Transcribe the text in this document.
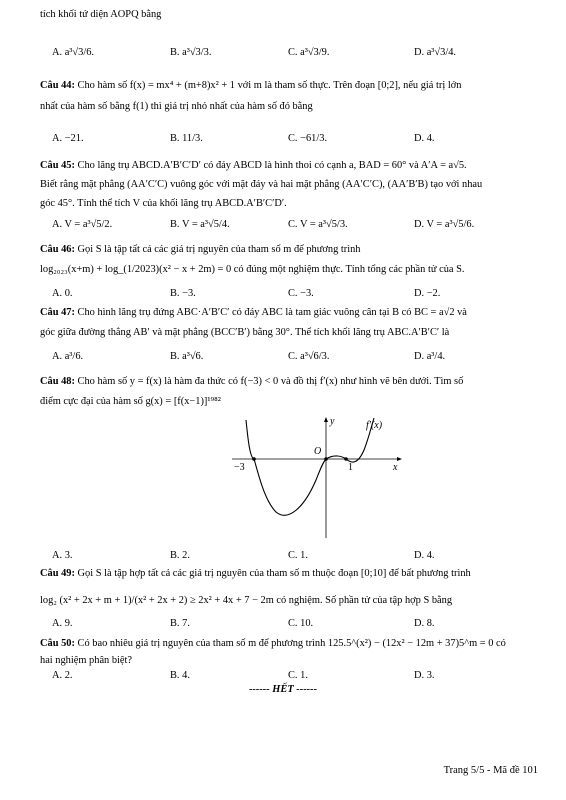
tích khối tứ diện AOPQ bằng
A. a³√3/6.	B. a³√3/3.	C. a³√3/9.	D. a³√3/4.
Câu 44: Cho hàm số f(x) = mx⁴ + (m+8)x² + 1 với m là tham số thực. Trên đoạn [0;2], nếu giá trị lớn
nhất của hàm số bằng f(1) thì giá trị nhỏ nhất của hàm số đó bằng
A. −21.	B. 11/3.	C. −61/3.	D. 4.
Câu 45: Cho lăng trụ ABCD.A′B′C′D′ có đáy ABCD là hình thoi có cạnh a, BAD = 60° và A′A = a√5.
Biết rằng mặt phẳng (AA′C′C) vuông góc với mặt đáy và hai mặt phẳng (AA′C′C), (AA′B′B) tạo với nhau
góc 45°. Tính thể tích V của khối lăng trụ ABCD.A′B′C′D′.
A. V = a³√5/2.	B. V = a³√5/4.	C. V = a³√5/3.	D. V = a³√5/6.
Câu 46: Gọi S là tập tất cả các giá trị nguyên của tham số m để phương trình
log₂₀₂₃(x+m) + log_(1/2023)(x² − x + 2m) = 0 có đúng một nghiệm thực. Tính tổng các phần tử của S.
A. 0.	B. −3.	C. −3.	D. −2.
Câu 47: Cho hình lăng trụ đứng ABC·A′B′C′ có đáy ABC là tam giác vuông cân tại B có BC = a√2 và
góc giữa đường thẳng AB′ và mặt phẳng (BCC′B′) bằng 30°. Thể tích khối lăng trụ ABC.A′B′C′ là
A. a³/6.	B. a³√6.	C. a³√6/3.	D. a³/4.
Câu 48: Cho hàm số y = f(x) là hàm đa thức có f(−3) < 0 và đồ thị f′(x) như hình vẽ bên dưới. Tìm số
điểm cực đại của hàm số g(x) = [f(x−1)]¹⁹⁸²
y
x
f′(x)
O
−3	1
A. 3.	B. 2.	C. 1.	D. 4.
Câu 49: Gọi S là tập hợp tất cả các giá trị nguyên của tham số m thuộc đoạn [0;10] để bất phương trình
log₂ (x² + 2x + m + 1)/(x² + 2x + 2) ≥ 2x² + 4x + 7 − 2m có nghiệm. Số phần tử của tập hợp S bằng
A. 9.	B. 7.	C. 10.	D. 8.
Câu 50: Có bao nhiêu giá trị nguyên của tham số m để phương trình 125.5^(x²) − (12x² − 12m + 37)5^m = 0 có
hai nghiệm phân biệt?
A. 2.	B. 4.	C. 1.	D. 3.
------ HẾT ------
Trang 5/5 - Mã đề 101
